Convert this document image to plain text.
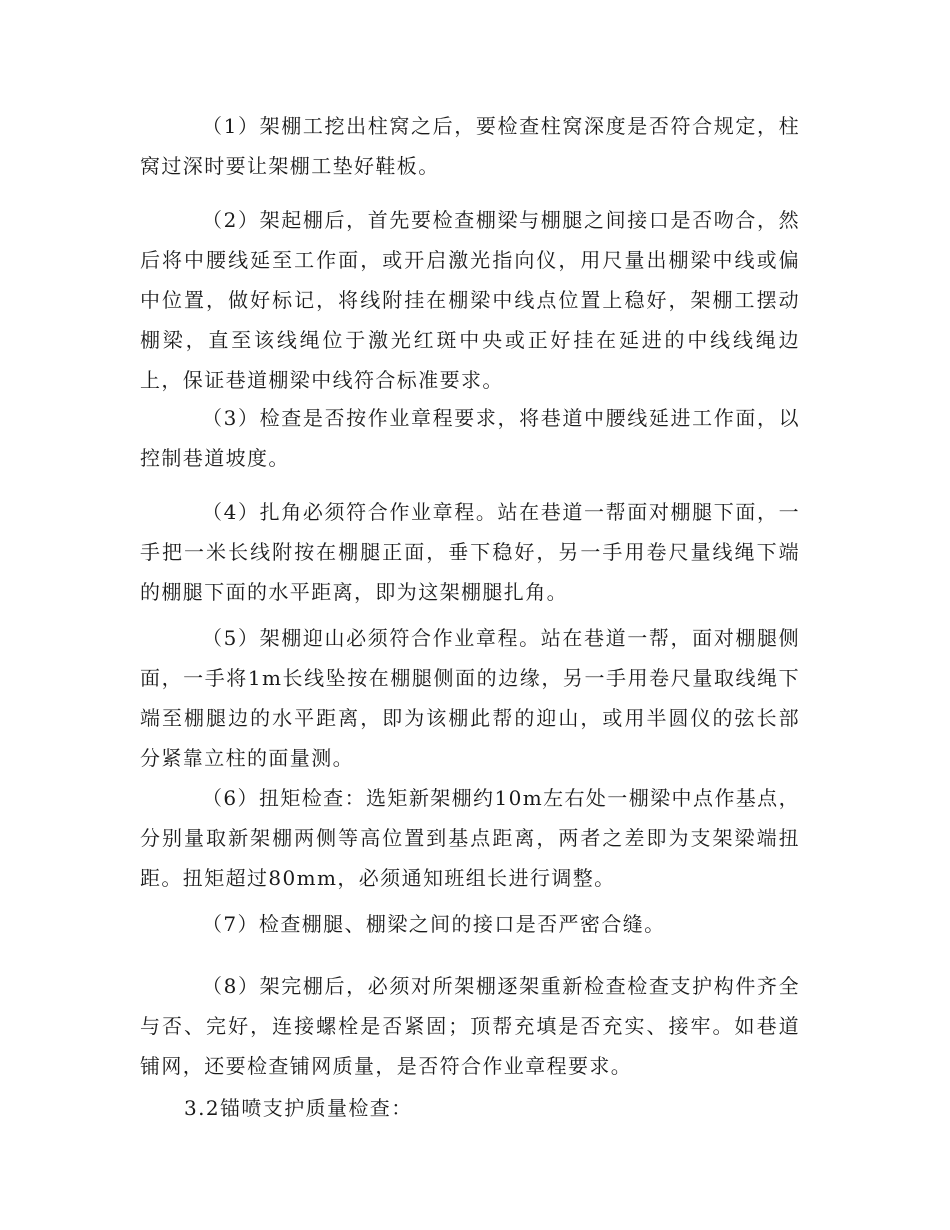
（1）架棚工挖出柱窝之后，要检查柱窝深度是否符合规定，柱窝过深时要让架棚工垫好鞋板。

（2）架起棚后，首先要检查棚梁与棚腿之间接口是否吻合，然后将中腰线延至工作面，或开启激光指向仪，用尺量出棚梁中线或偏中位置，做好标记，将线附挂在棚梁中线点位置上稳好，架棚工摆动棚梁，直至该线绳位于激光红斑中央或正好挂在延进的中线线绳边上，保证巷道棚梁中线符合标准要求。

（3）检查是否按作业章程要求，将巷道中腰线延进工作面，以控制巷道坡度。

（4）扎角必须符合作业章程。站在巷道一帮面对棚腿下面，一手把一米长线附按在棚腿正面，垂下稳好，另一手用卷尺量线绳下端的棚腿下面的水平距离，即为这架棚腿扎角。

（5）架棚迎山必须符合作业章程。站在巷道一帮，面对棚腿侧面，一手将1m长线坠按在棚腿侧面的边缘，另一手用卷尺量取线绳下端至棚腿边的水平距离，即为该棚此帮的迎山，或用半圆仪的弦长部分紧靠立柱的面量测。

（6）扭矩检查：选矩新架棚约10m左右处一棚梁中点作基点，分别量取新架棚两侧等高位置到基点距离，两者之差即为支架梁端扭距。扭矩超过80mm，必须通知班组长进行调整。

（7）检查棚腿、棚梁之间的接口是否严密合缝。

（8）架完棚后，必须对所架棚逐架重新检查检查支护构件齐全与否、完好，连接螺栓是否紧固；顶帮充填是否充实、接牢。如巷道铺网，还要检查铺网质量，是否符合作业章程要求。

3.2锚喷支护质量检查：
